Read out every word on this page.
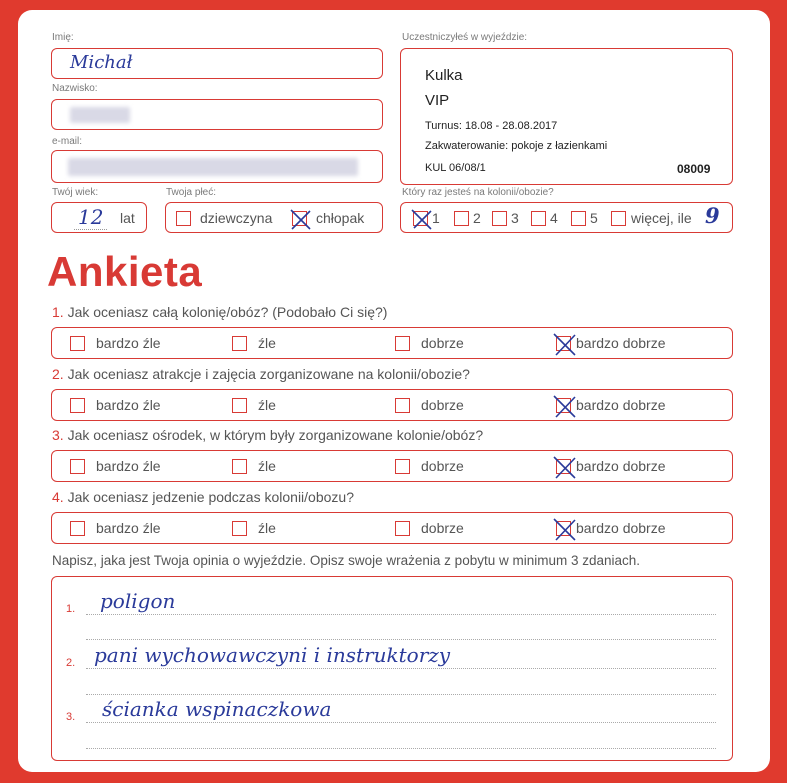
Imię:
Michał
Nazwisko:
e-mail:
Twój wiek:
12 lat
Twoja płeć:
dziewczyna	chłopak
Uczestniczyłeś w wyjeździe:
Kulka
VIP
Turnus: 18.08 - 28.08.2017
Zakwaterowanie: pokoje z łazienkami
KUL 06/08/1	08009
Który raz jesteś na kolonii/obozie?
1 2 3 4 5 więcej, ile 9
Ankieta
1. Jak oceniasz całą kolonię/obóz? (Podobało Ci się?)
bardzo źle	źle	dobrze	bardzo dobrze
2. Jak oceniasz atrakcje i zajęcia zorganizowane na kolonii/obozie?
bardzo źle	źle	dobrze	bardzo dobrze
3. Jak oceniasz ośrodek, w którym były zorganizowane kolonie/obóz?
bardzo źle	źle	dobrze	bardzo dobrze
4. Jak oceniasz jedzenie podczas kolonii/obozu?
bardzo źle	źle	dobrze	bardzo dobrze
Napisz, jaka jest Twoja opinia o wyjeździe. Opisz swoje wrażenia z pobytu w minimum 3 zdaniach.
1. poligon
2. pani wychowawczyni i instruktorzy
3. ścianka wspinaczkowa
